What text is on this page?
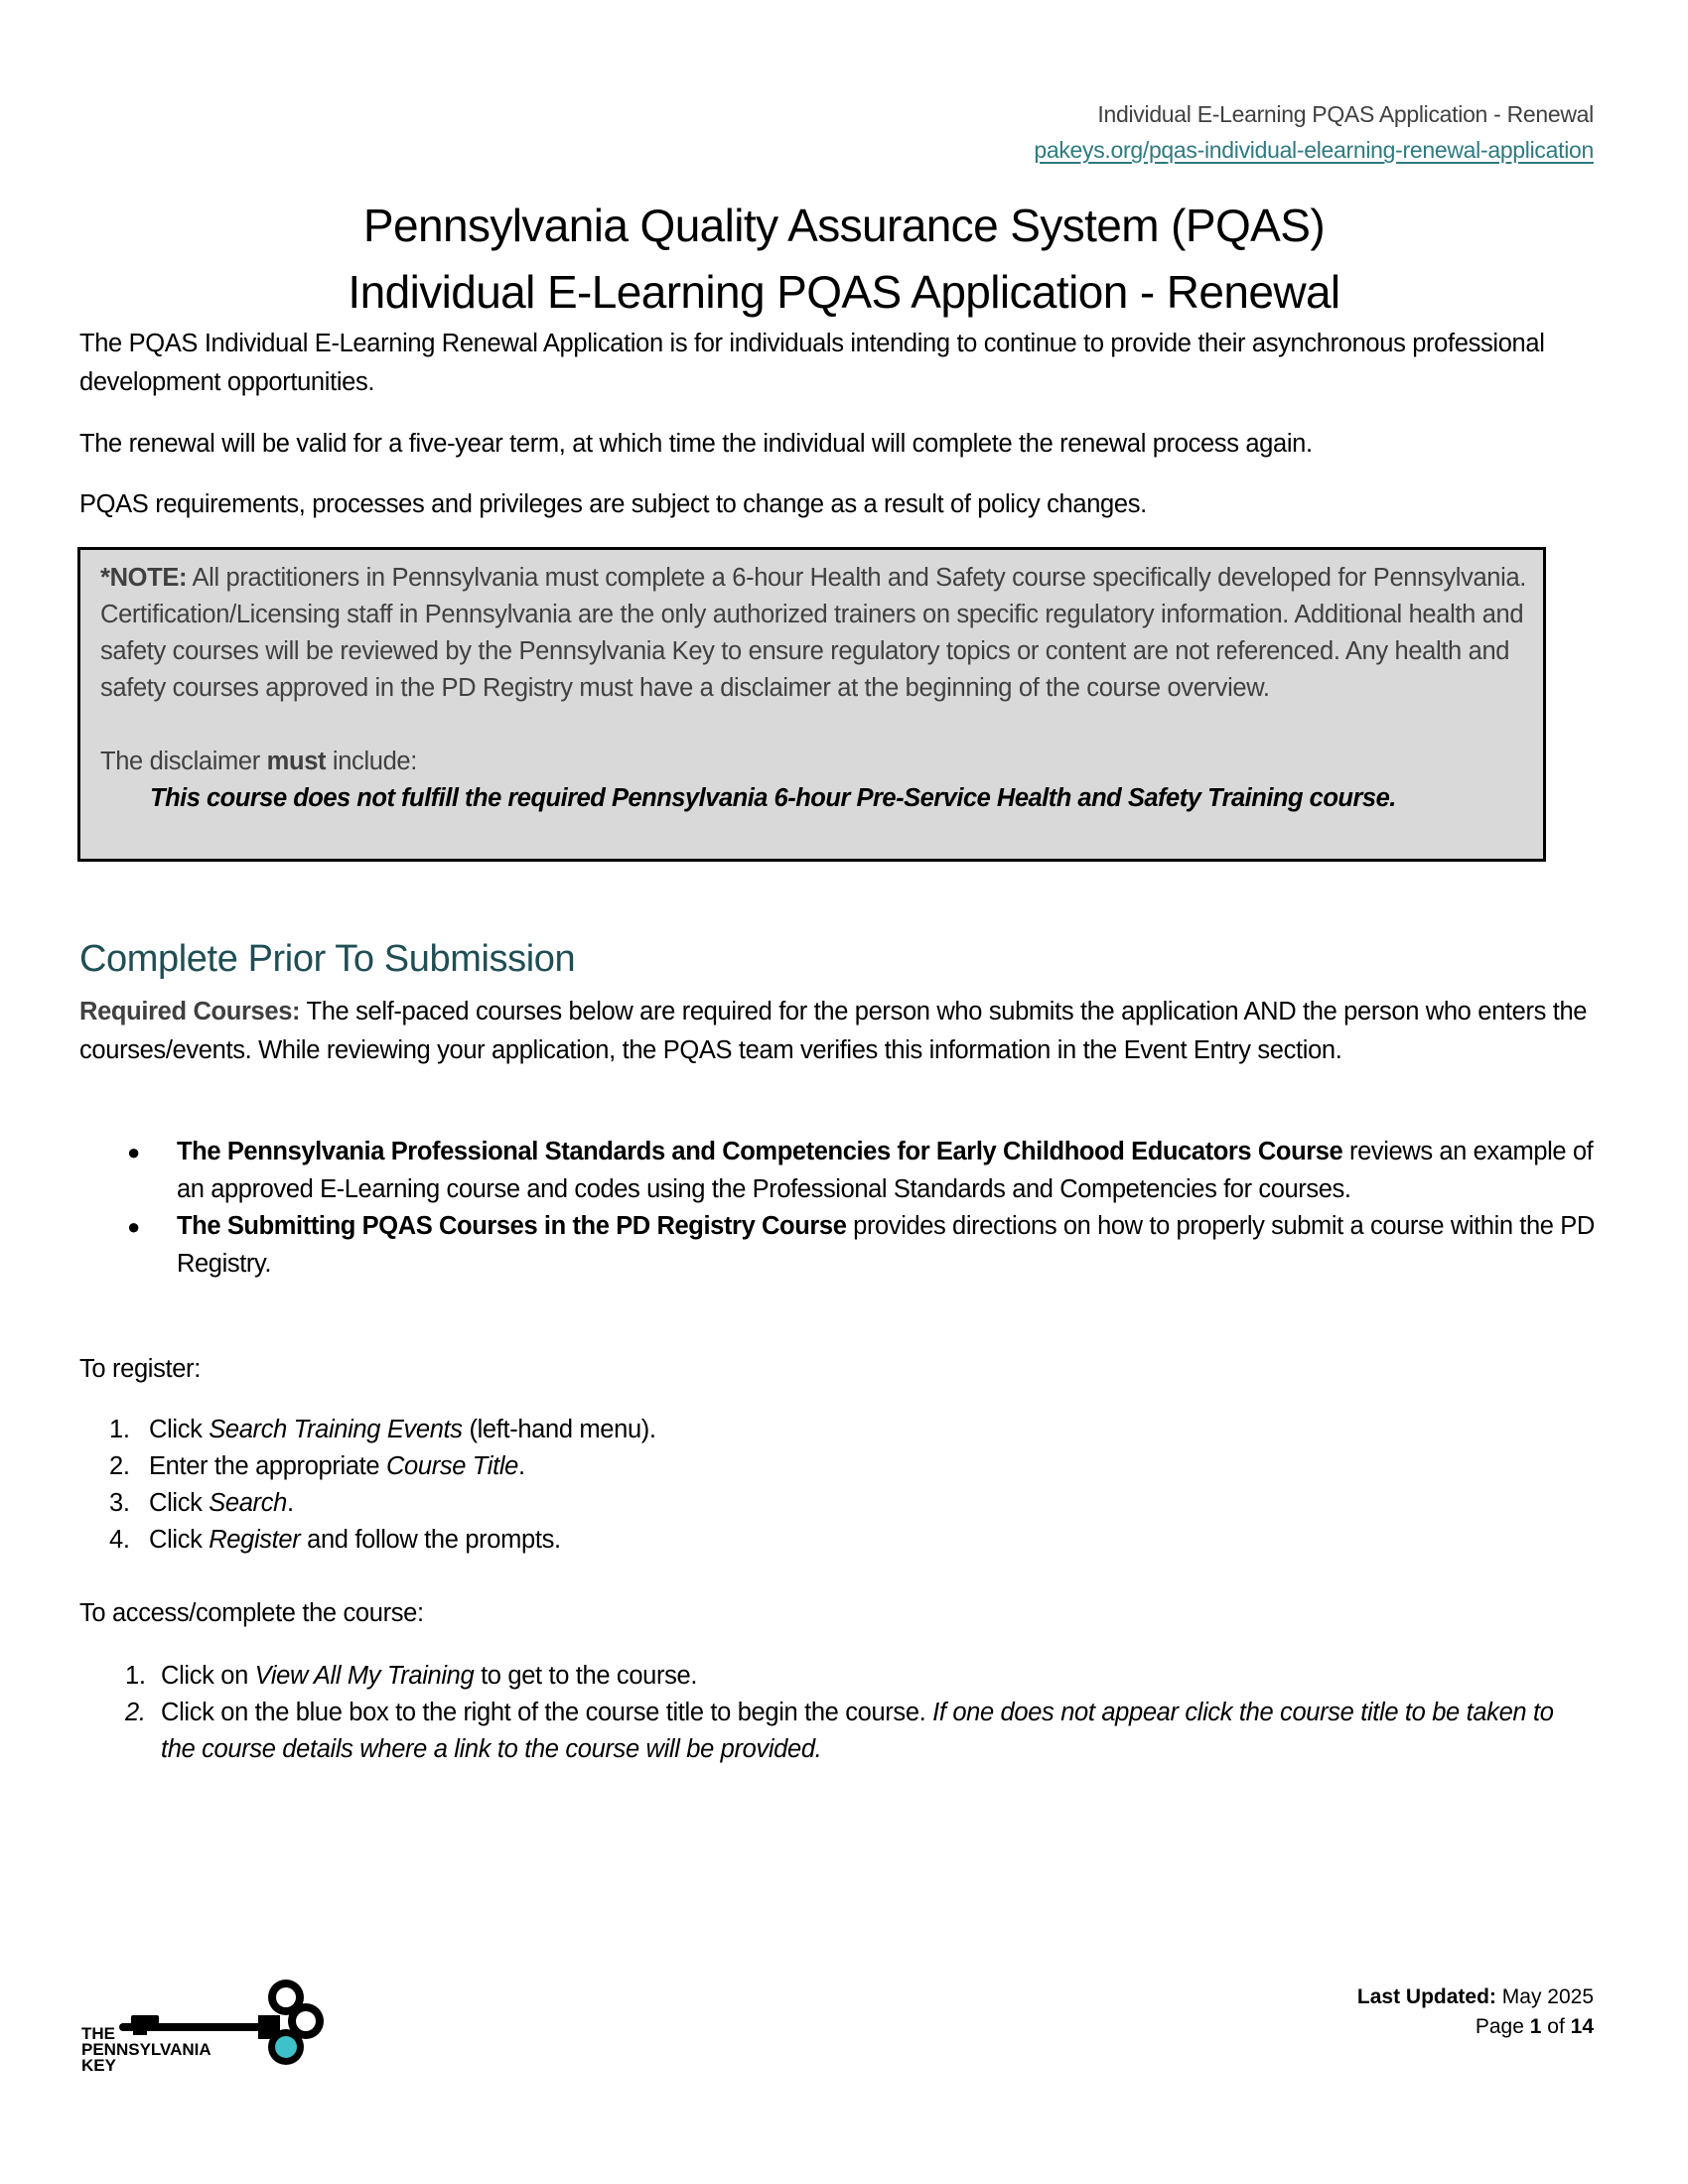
Individual E-Learning PQAS Application - Renewal
pakeys.org/pqas-individual-elearning-renewal-application
Pennsylvania Quality Assurance System (PQAS)
Individual E-Learning PQAS Application - Renewal
The PQAS Individual E-Learning Renewal Application is for individuals intending to continue to provide their asynchronous professional development opportunities.
The renewal will be valid for a five-year term, at which time the individual will complete the renewal process again.
PQAS requirements, processes and privileges are subject to change as a result of policy changes.
*NOTE: All practitioners in Pennsylvania must complete a 6-hour Health and Safety course specifically developed for Pennsylvania. Certification/Licensing staff in Pennsylvania are the only authorized trainers on specific regulatory information. Additional health and safety courses will be reviewed by the Pennsylvania Key to ensure regulatory topics or content are not referenced. Any health and safety courses approved in the PD Registry must have a disclaimer at the beginning of the course overview.
The disclaimer must include:
This course does not fulfill the required Pennsylvania 6-hour Pre-Service Health and Safety Training course.
Complete Prior To Submission
Required Courses: The self-paced courses below are required for the person who submits the application AND the person who enters the courses/events. While reviewing your application, the PQAS team verifies this information in the Event Entry section.
● The Pennsylvania Professional Standards and Competencies for Early Childhood Educators Course reviews an example of an approved E-Learning course and codes using the Professional Standards and Competencies for courses.
● The Submitting PQAS Courses in the PD Registry Course provides directions on how to properly submit a course within the PD Registry.
To register:
1. Click Search Training Events (left-hand menu).
2. Enter the appropriate Course Title.
3. Click Search.
4. Click Register and follow the prompts.
To access/complete the course:
1. Click on View All My Training to get to the course.
2. Click on the blue box to the right of the course title to begin the course. If one does not appear click the course title to be taken to the course details where a link to the course will be provided.
THE
PENNSYLVANIA
KEY
Last Updated: May 2025
Page 1 of 14
